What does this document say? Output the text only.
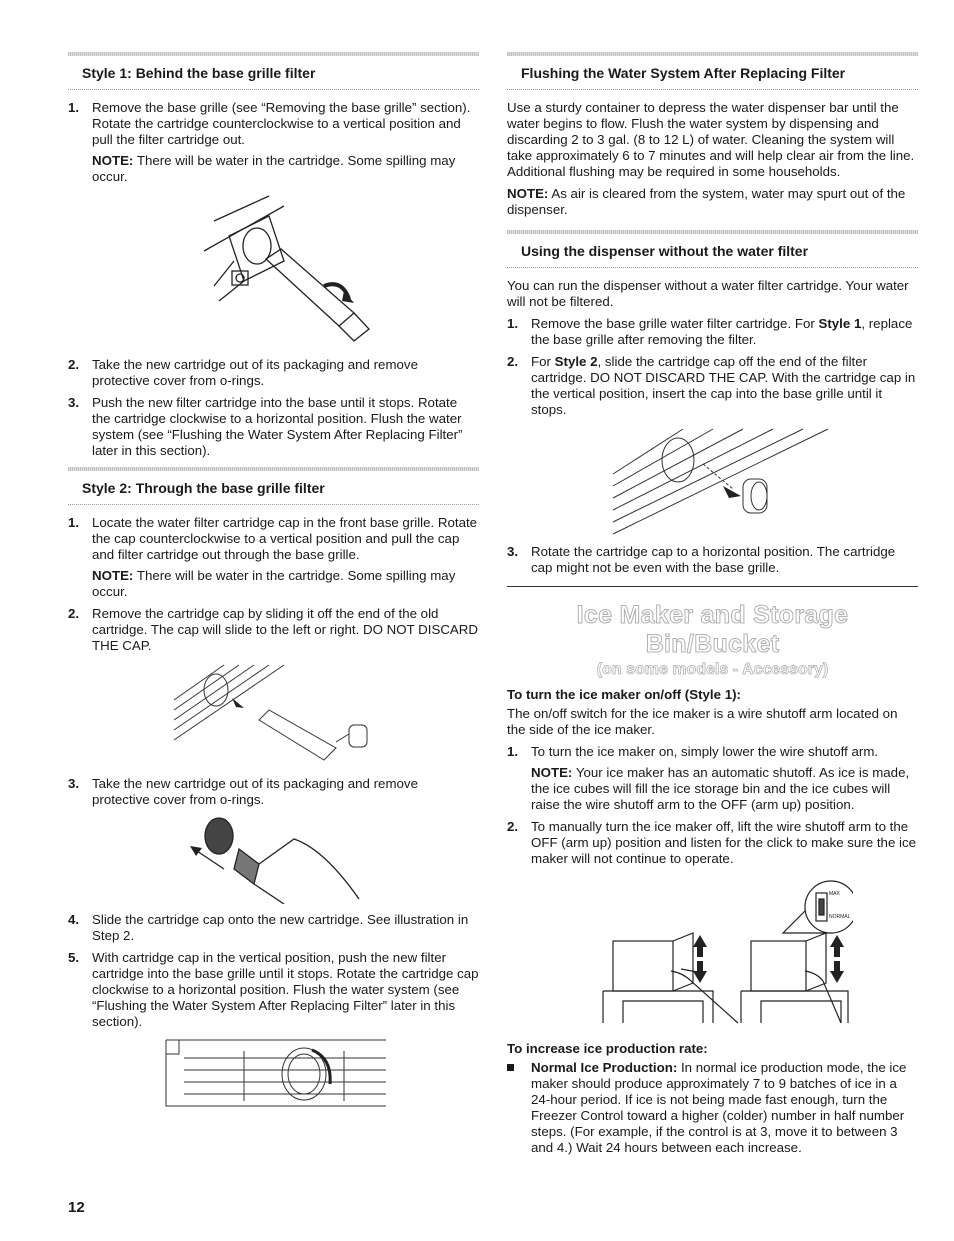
Style 1: Behind the base grille filter
1. Remove the base grille (see “Removing the base grille” section). Rotate the cartridge counterclockwise to a vertical position and pull the filter cartridge out.
NOTE: There will be water in the cartridge. Some spilling may occur.
2. Take the new cartridge out of its packaging and remove protective cover from o-rings.
3. Push the new filter cartridge into the base until it stops. Rotate the cartridge clockwise to a horizontal position. Flush the water system (see “Flushing the Water System After Replacing Filter” later in this section).
Style 2: Through the base grille filter
1. Locate the water filter cartridge cap in the front base grille. Rotate the cap counterclockwise to a vertical position and pull the cap and filter cartridge out through the base grille.
NOTE: There will be water in the cartridge. Some spilling may occur.
2. Remove the cartridge cap by sliding it off the end of the old cartridge. The cap will slide to the left or right. DO NOT DISCARD THE CAP.
3. Take the new cartridge out of its packaging and remove protective cover from o-rings.
4. Slide the cartridge cap onto the new cartridge. See illustration in Step 2.
5. With cartridge cap in the vertical position, push the new filter cartridge into the base grille until it stops. Rotate the cartridge cap clockwise to a horizontal position. Flush the water system (see “Flushing the Water System After Replacing Filter” later in this section).
Flushing the Water System After Replacing Filter

Use a sturdy container to depress the water dispenser bar until the water begins to flow. Flush the water system by dispensing and discarding 2 to 3 gal. (8 to 12 L) of water. Cleaning the system will take approximately 6 to 7 minutes and will help clear air from the line. Additional flushing may be required in some households.

NOTE: As air is cleared from the system, water may spurt out of the dispenser.

Using the dispenser without the water filter

You can run the dispenser without a water filter cartridge. Your water will not be filtered.

1. Remove the base grille water filter cartridge. For Style 1, replace the base grille after removing the filter.
2. For Style 2, slide the cartridge cap off the end of the filter cartridge. DO NOT DISCARD THE CAP. With the cartridge cap in the vertical position, insert the cap into the base grille until it stops.
3. Rotate the cartridge cap to a horizontal position. The cartridge cap might not be even with the base grille.
Ice Maker and Storage Bin/Bucket
(on some models - Accessory)
To turn the ice maker on/off (Style 1):

The on/off switch for the ice maker is a wire shutoff arm located on the side of the ice maker.

1. To turn the ice maker on, simply lower the wire shutoff arm.
NOTE: Your ice maker has an automatic shutoff. As ice is made, the ice cubes will fill the ice storage bin and the ice cubes will raise the wire shutoff arm to the OFF (arm up) position.
2. To manually turn the ice maker off, lift the wire shutoff arm to the OFF (arm up) position and listen for the click to make sure the ice maker will not continue to operate.
MAX
NORMAL
To increase ice production rate:
Normal Ice Production: In normal ice production mode, the ice maker should produce approximately 7 to 9 batches of ice in a 24-hour period. If ice is not being made fast enough, turn the Freezer Control toward a higher (colder) number in half number steps. (For example, if the control is at 3, move it to between 3 and 4.) Wait 24 hours between each increase.
12
